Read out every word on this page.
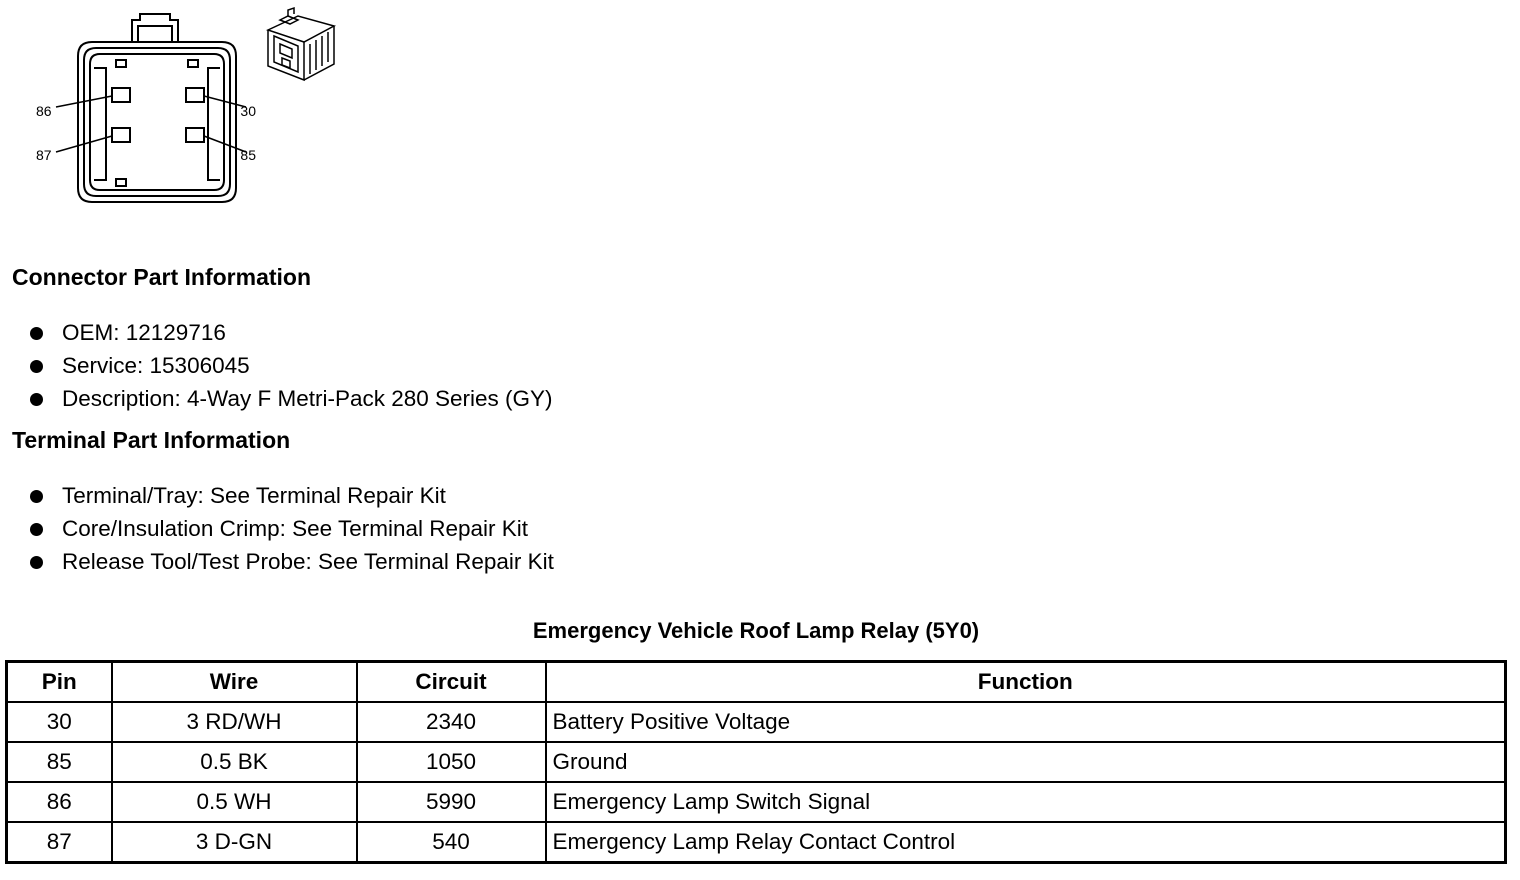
86
87
30
85
Connector Part Information
OEM: 12129716
Service: 15306045
Description: 4-Way F Metri-Pack 280 Series (GY)
Terminal Part Information
Terminal/Tray: See Terminal Repair Kit
Core/Insulation Crimp: See Terminal Repair Kit
Release Tool/Test Probe: See Terminal Repair Kit
Emergency Vehicle Roof Lamp Relay (5Y0)
Pin	Wire	Circuit	Function
30	3 RD/WH	2340	Battery Positive Voltage
85	0.5 BK	1050	Ground
86	0.5 WH	5990	Emergency Lamp Switch Signal
87	3 D-GN	540	Emergency Lamp Relay Contact Control
